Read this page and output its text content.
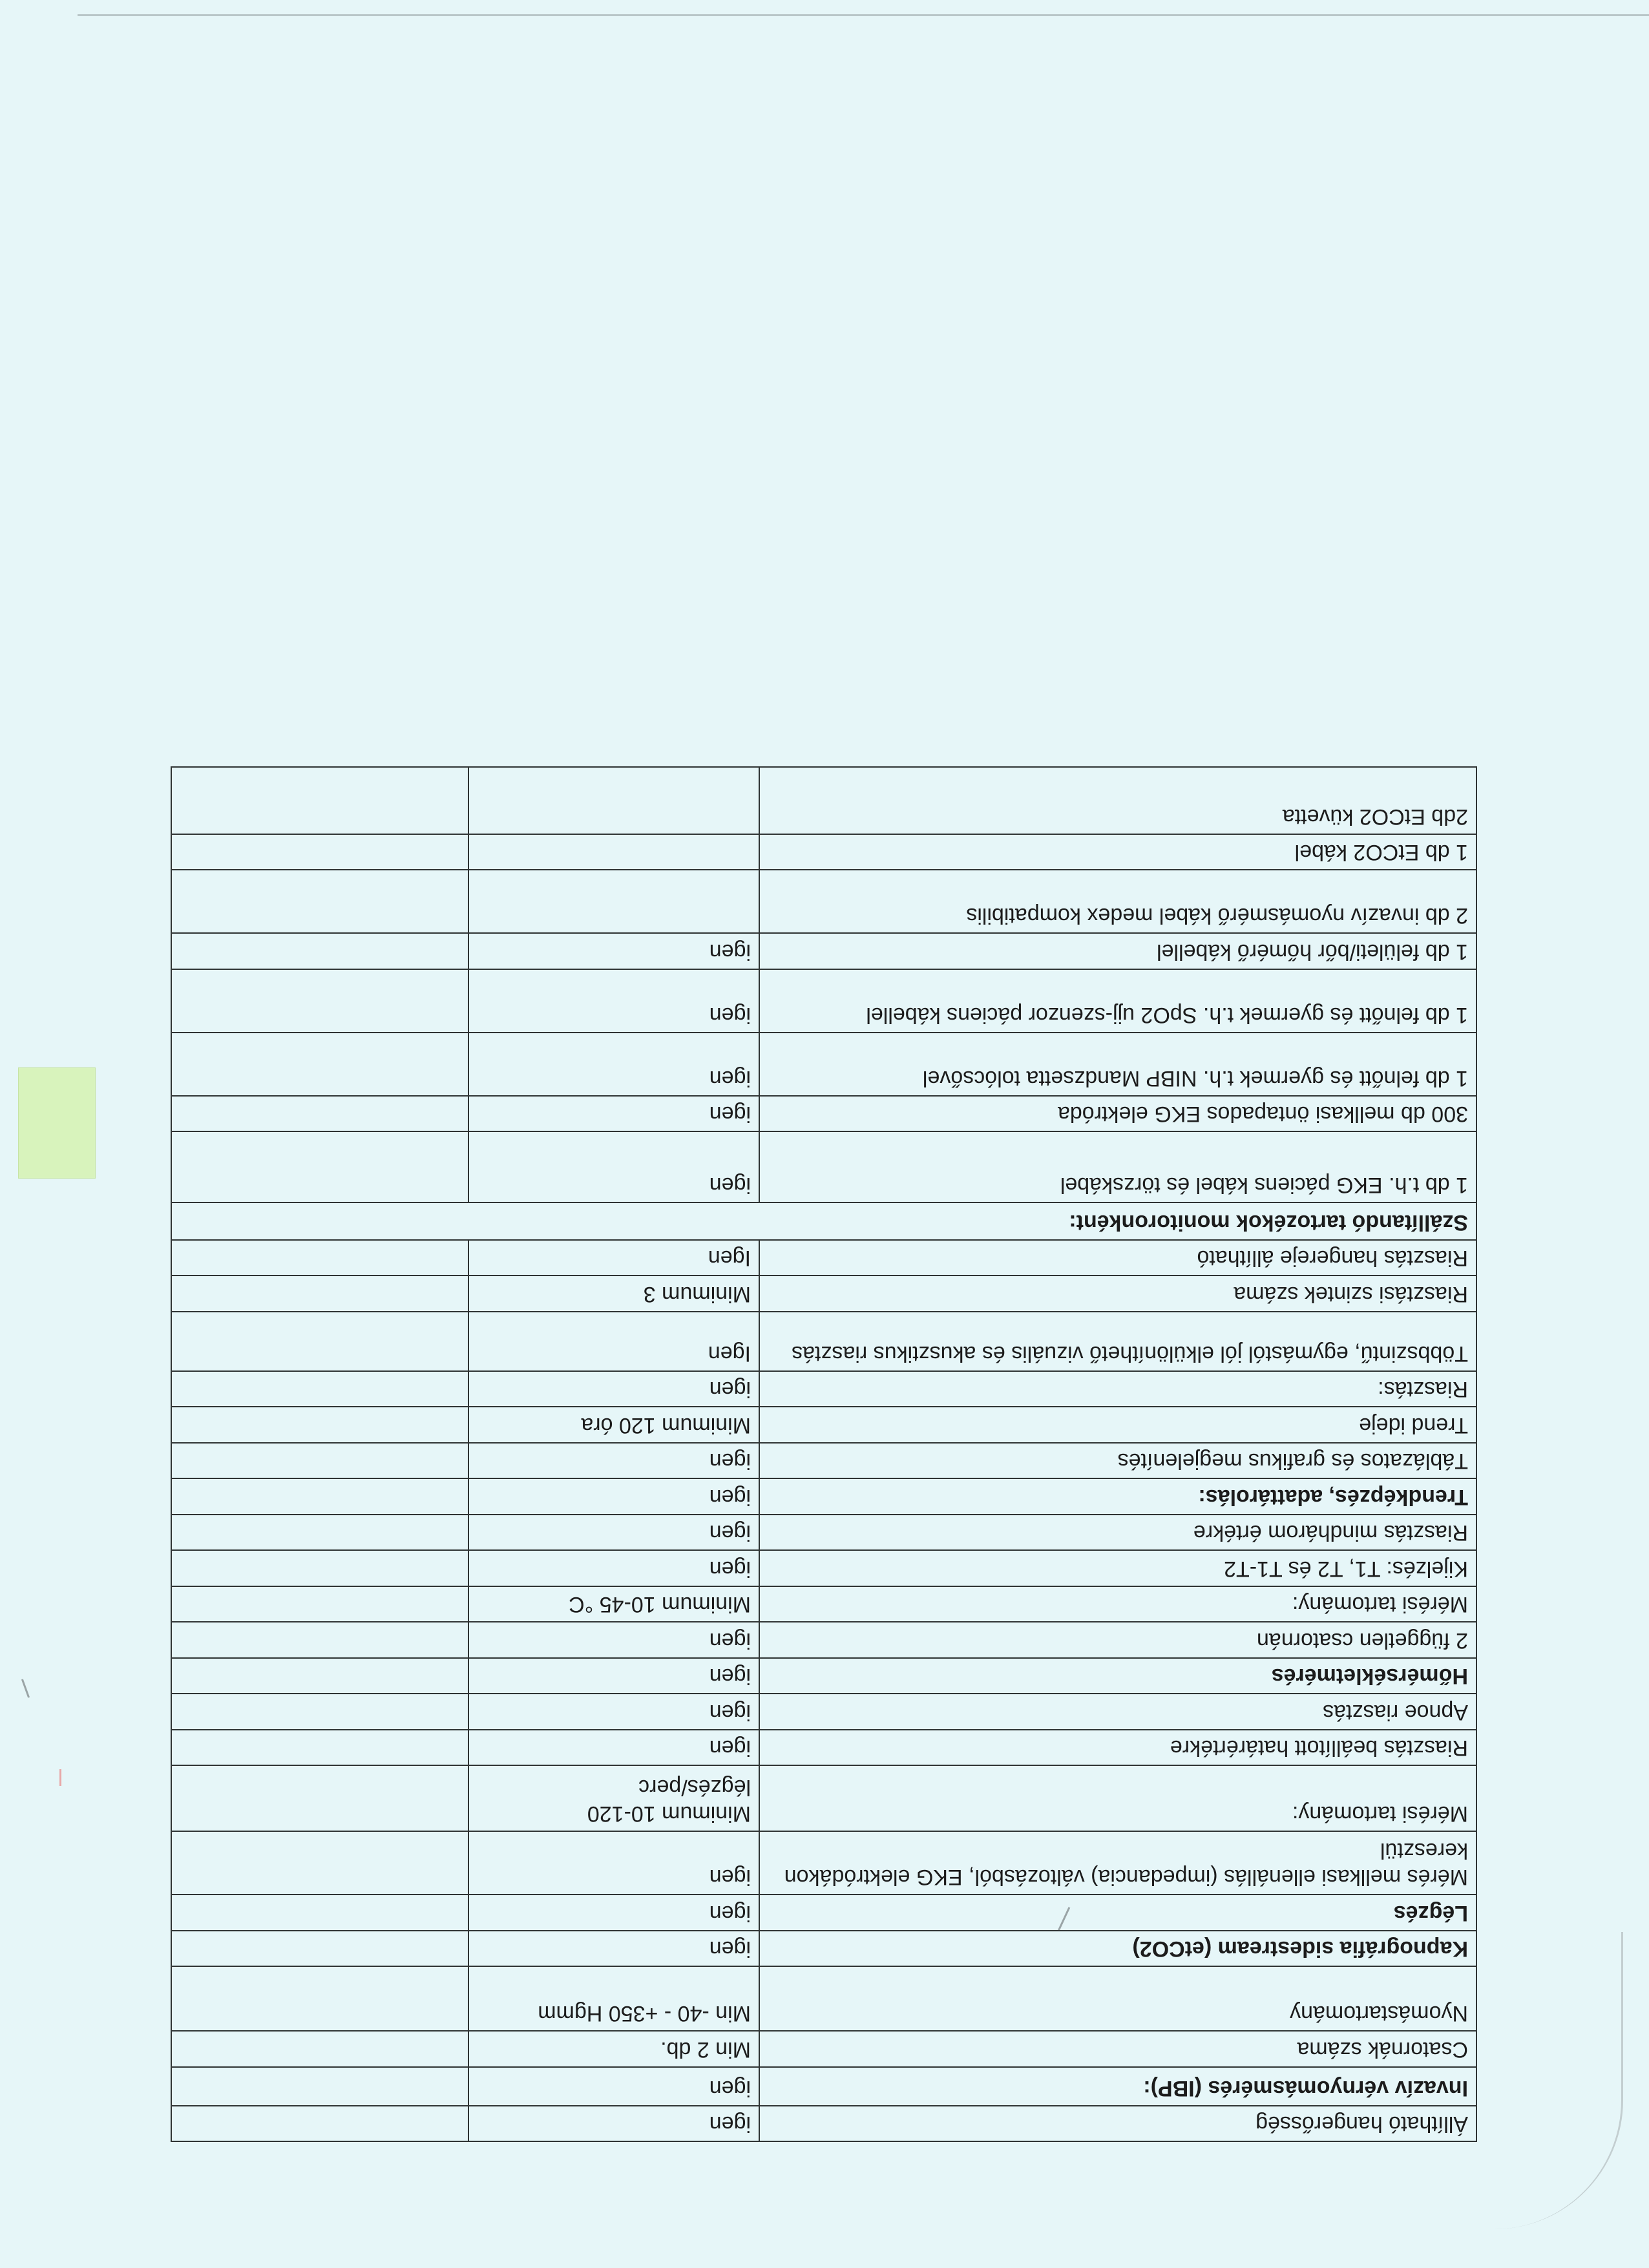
Állítható hangerősség	igen	
Invazív vérnyomásmérés (IBP):	igen	
Csatornák száma	Min 2 db.	
Nyomástartomány	Min -40 - +350 Hgmm	
Kapnográfia sidestream (etCO2)	igen	
Légzés	igen	
Mérés mellkasi ellenállás (impedancia) változásból, EKG elektródákon keresztül	igen	
Mérési tartomány:	Minimum 10-120 légzés/perc	
Riasztás beállított határértékre	igen	
Apnoe riasztás	igen	
Hőmérsékletmérés	igen	
2 független csatornán	igen	
Mérési tartomány:	Minimum 10-45 °C	
Kijelzés: T1, T2 és T1-T2	igen	
Riasztás mindhárom értékre	igen	
Trendképzés, adattárolás:	igen	
Táblázatos és grafikus megjelenítés	igen	
Trend ideje	Minimum 120 óra	
Riasztás:	igen	
Többszintű, egymástól jól elkülöníthető vizuális és akusztikus riasztás	Igen	
Riasztási szintek száma	Minimum 3	
Riasztás hangereje állítható	Igen	
Szállítandó tartozékok monitoronként:		
1 db t.h. EKG páciens kábel és törzskábel	igen	
300 db mellkasi öntapados EKG elektróda	igen	
1 db felnőtt és gyermek t.h. NIBP Mandzsetta tolócsővel	igen	
1 db felnőtt és gyermek t.h. SpO2 ujj-szenzor páciens kábellel	igen	
1 db felületi/bőr hőmérő kábellel	igen	
2 db invazív nyomásmérő kábel medex kompatibilis		
1 db EtCO2 kábel		
2db EtCO2 küvetta		
